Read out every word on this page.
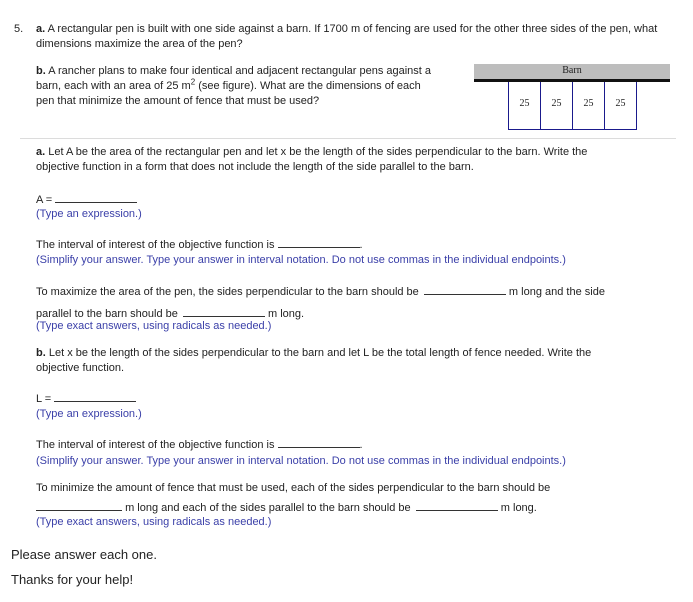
5. a. A rectangular pen is built with one side against a barn. If 1700 m of fencing are used for the other three sides of the pen, what dimensions maximize the area of the pen?
b. A rancher plans to make four identical and adjacent rectangular pens against a
barn, each with an area of 25 $m^2$ (see figure). What are the dimensions of each
pen that minimize the amount of fence that must be used?
Barn
25	25	25	25
a. Let A be the area of the rectangular pen and let x be the length of the sides perpendicular to the barn. Write the
objective function in a form that does not include the length of the side parallel to the barn.
A =
(Type an expression.)
The interval of interest of the objective function is	.
(Simplify your answer. Type your answer in interval notation. Do not use commas in the individual endpoints.)
To maximize the area of the pen, the sides perpendicular to the barn should be	m long and the side
parallel to the barn should be	m long.
(Type exact answers, using radicals as needed.)
b. Let x be the length of the sides perpendicular to the barn and let L be the total length of fence needed. Write the
objective function.
L =
(Type an expression.)
The interval of interest of the objective function is	.
(Simplify your answer. Type your answer in interval notation. Do not use commas in the individual endpoints.)
To minimize the amount of fence that must be used, each of the sides perpendicular to the barn should be
m long and each of the sides parallel to the barn should be	m long.
(Type exact answers, using radicals as needed.)
Please answer each one.
Thanks for your help!
